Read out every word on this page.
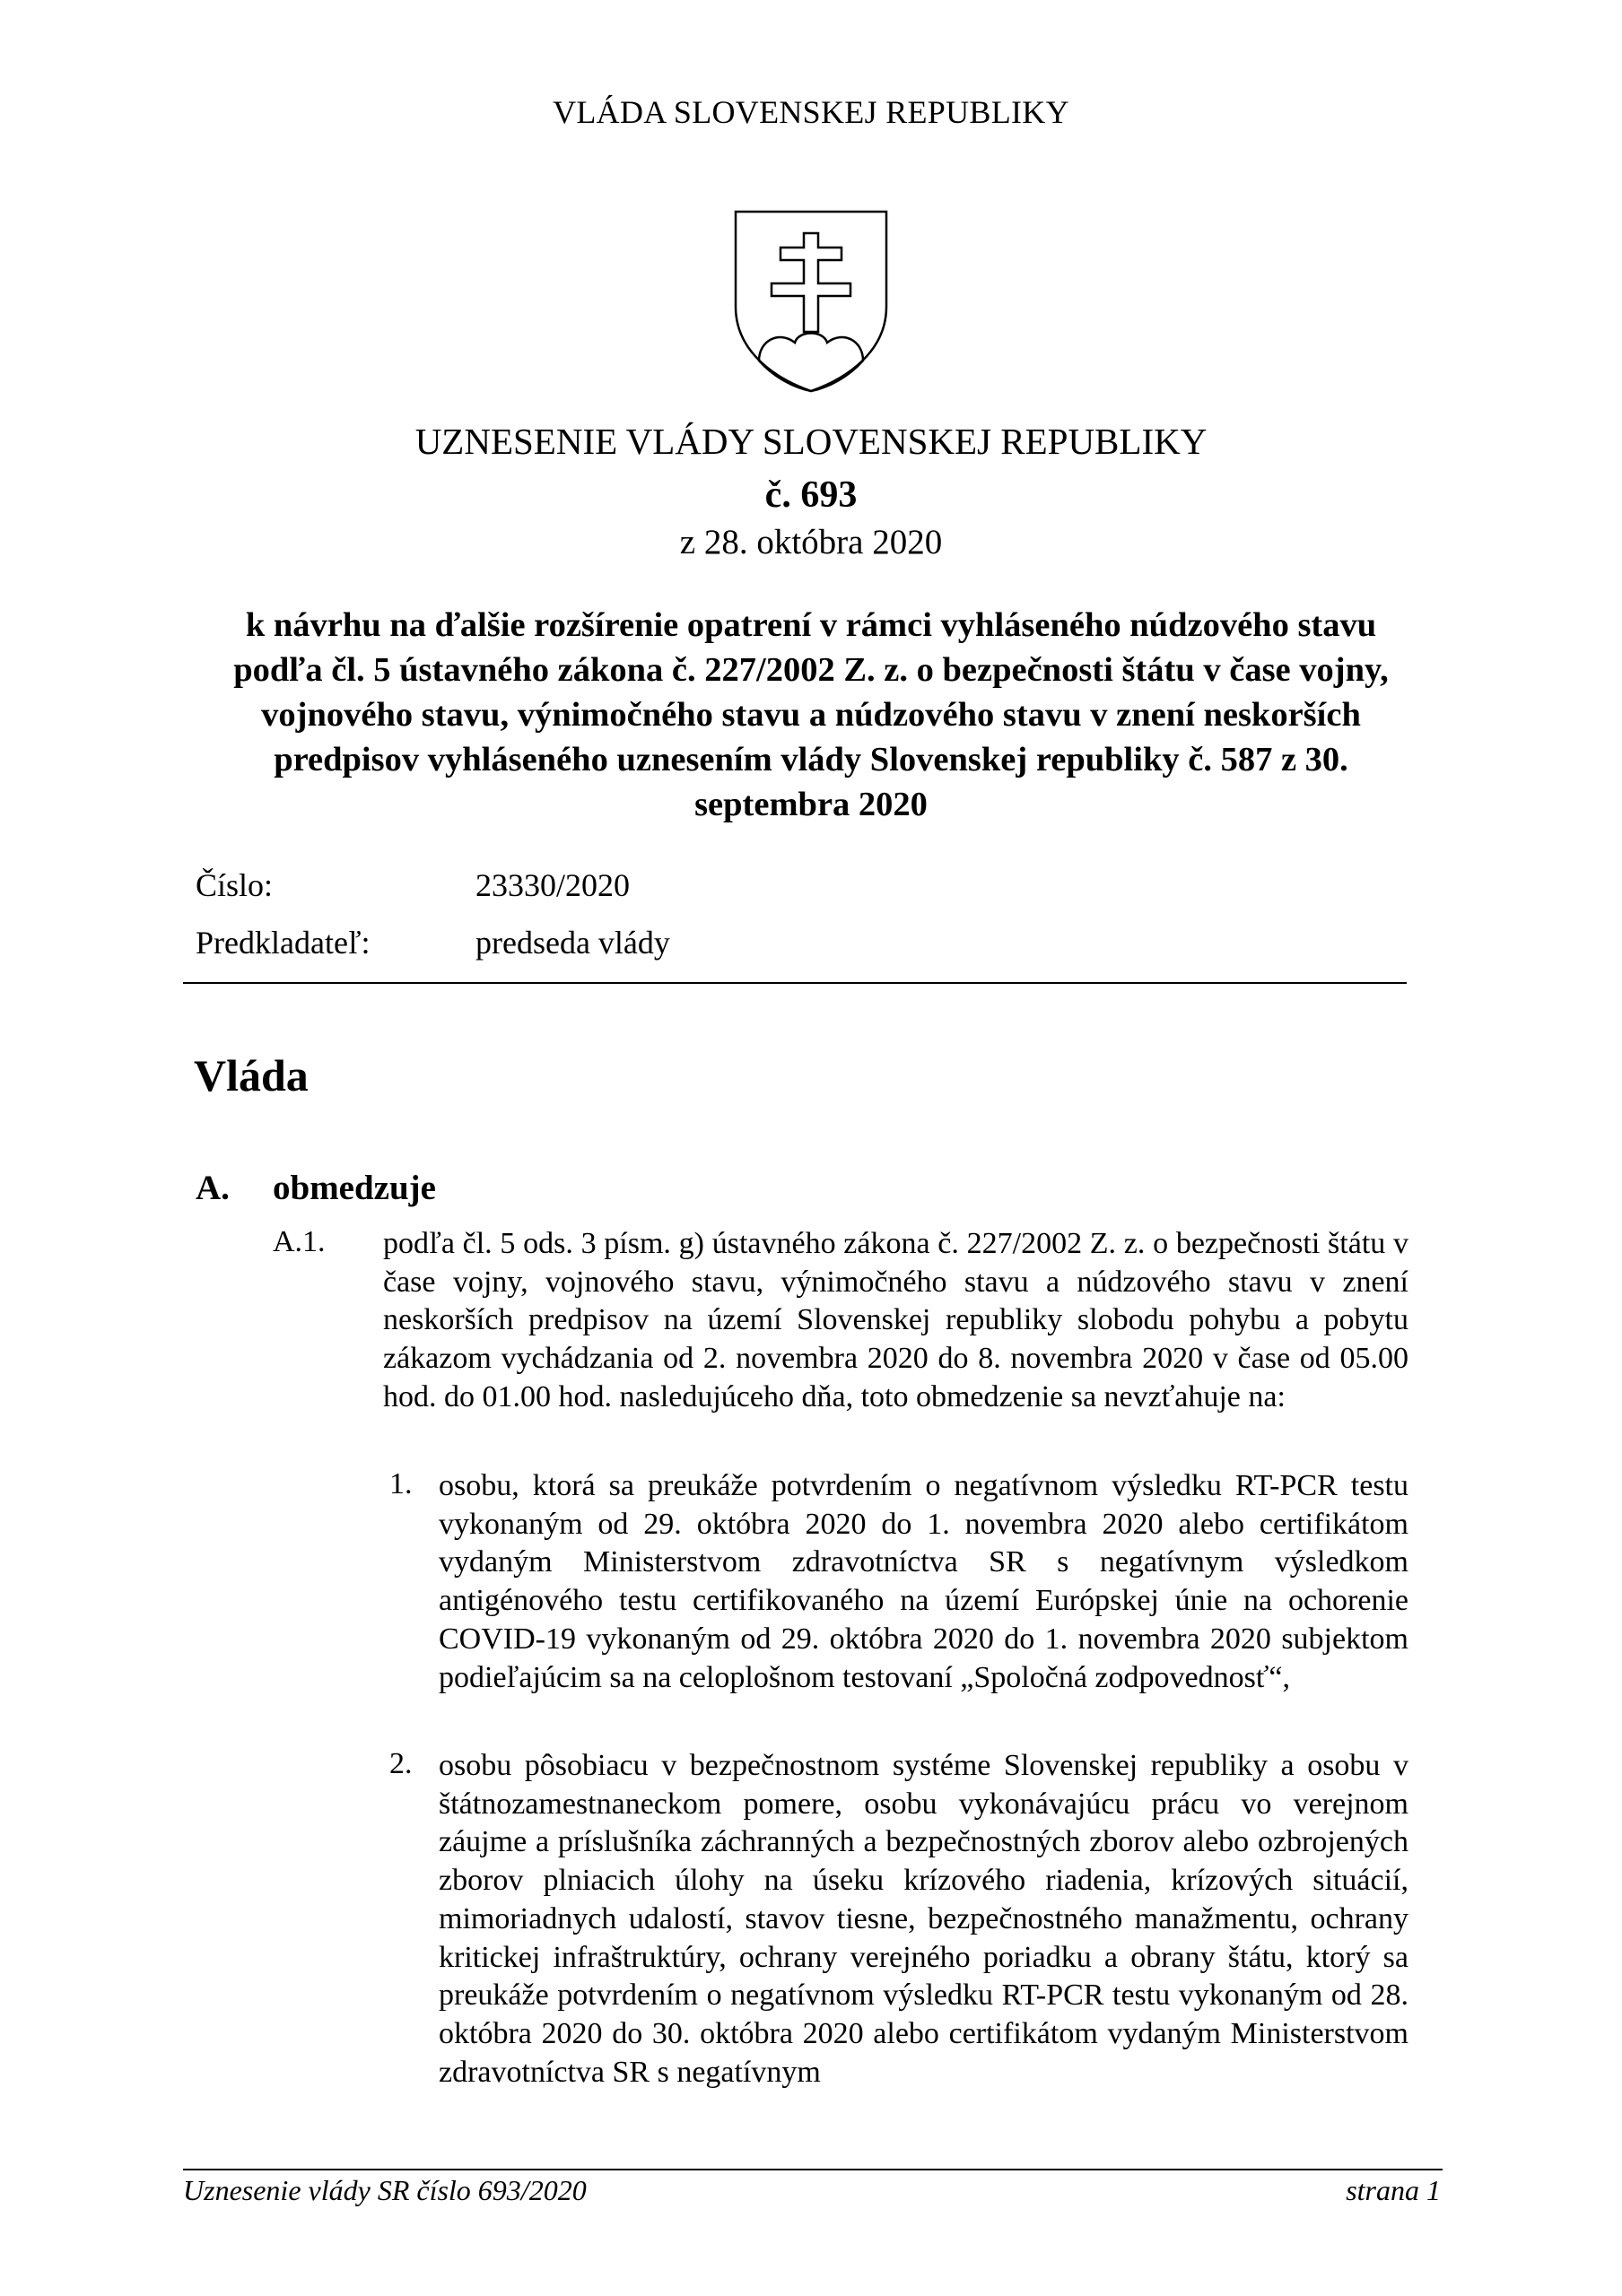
VLÁDA SLOVENSKEJ REPUBLIKY
UZNESENIE VLÁDY SLOVENSKEJ REPUBLIKY
č. 693
z 28. októbra 2020
k návrhu na ďalšie rozšírenie opatrení v rámci vyhláseného núdzového stavu podľa čl. 5 ústavného zákona č. 227/2002 Z. z. o bezpečnosti štátu v čase vojny, vojnového stavu, výnimočného stavu a núdzového stavu v znení neskorších predpisov vyhláseného uznesením vlády Slovenskej republiky č. 587 z 30. septembra 2020
Číslo:	23330/2020
Predkladateľ:	predseda vlády
Vláda
A. obmedzuje
A.1. podľa čl. 5 ods. 3 písm. g) ústavného zákona č. 227/2002 Z. z. o bezpečnosti štátu v čase vojny, vojnového stavu, výnimočného stavu a núdzového stavu v znení neskorších predpisov na území Slovenskej republiky slobodu pohybu a pobytu zákazom vychádzania od 2. novembra 2020 do 8. novembra 2020 v čase od 05.00 hod. do 01.00 hod. nasledujúceho dňa, toto obmedzenie sa nevzťahuje na:
1. osobu, ktorá sa preukáže potvrdením o negatívnom výsledku RT-PCR testu vykonaným od 29. októbra 2020 do 1. novembra 2020 alebo certifikátom vydaným Ministerstvom zdravotníctva SR s negatívnym výsledkom antigénového testu certifikovaného na území Európskej únie na ochorenie COVID-19 vykonaným od 29. októbra 2020 do 1. novembra 2020 subjektom podieľajúcim sa na celoplošnom testovaní „Spoločná zodpovednosť“,
2. osobu pôsobiacu v bezpečnostnom systéme Slovenskej republiky a osobu v štátnozamestnaneckom pomere, osobu vykonávajúcu prácu vo verejnom záujme a príslušníka záchranných a bezpečnostných zborov alebo ozbrojených zborov plniacich úlohy na úseku krízového riadenia, krízových situácií, mimoriadnych udalostí, stavov tiesne, bezpečnostného manažmentu, ochrany kritickej infraštruktúry, ochrany verejného poriadku a obrany štátu, ktorý sa preukáže potvrdením o negatívnom výsledku RT-PCR testu vykonaným od 28. októbra 2020 do 30. októbra 2020 alebo certifikátom vydaným Ministerstvom zdravotníctva SR s negatívnym
Uznesenie vlády SR číslo 693/2020	strana 1
